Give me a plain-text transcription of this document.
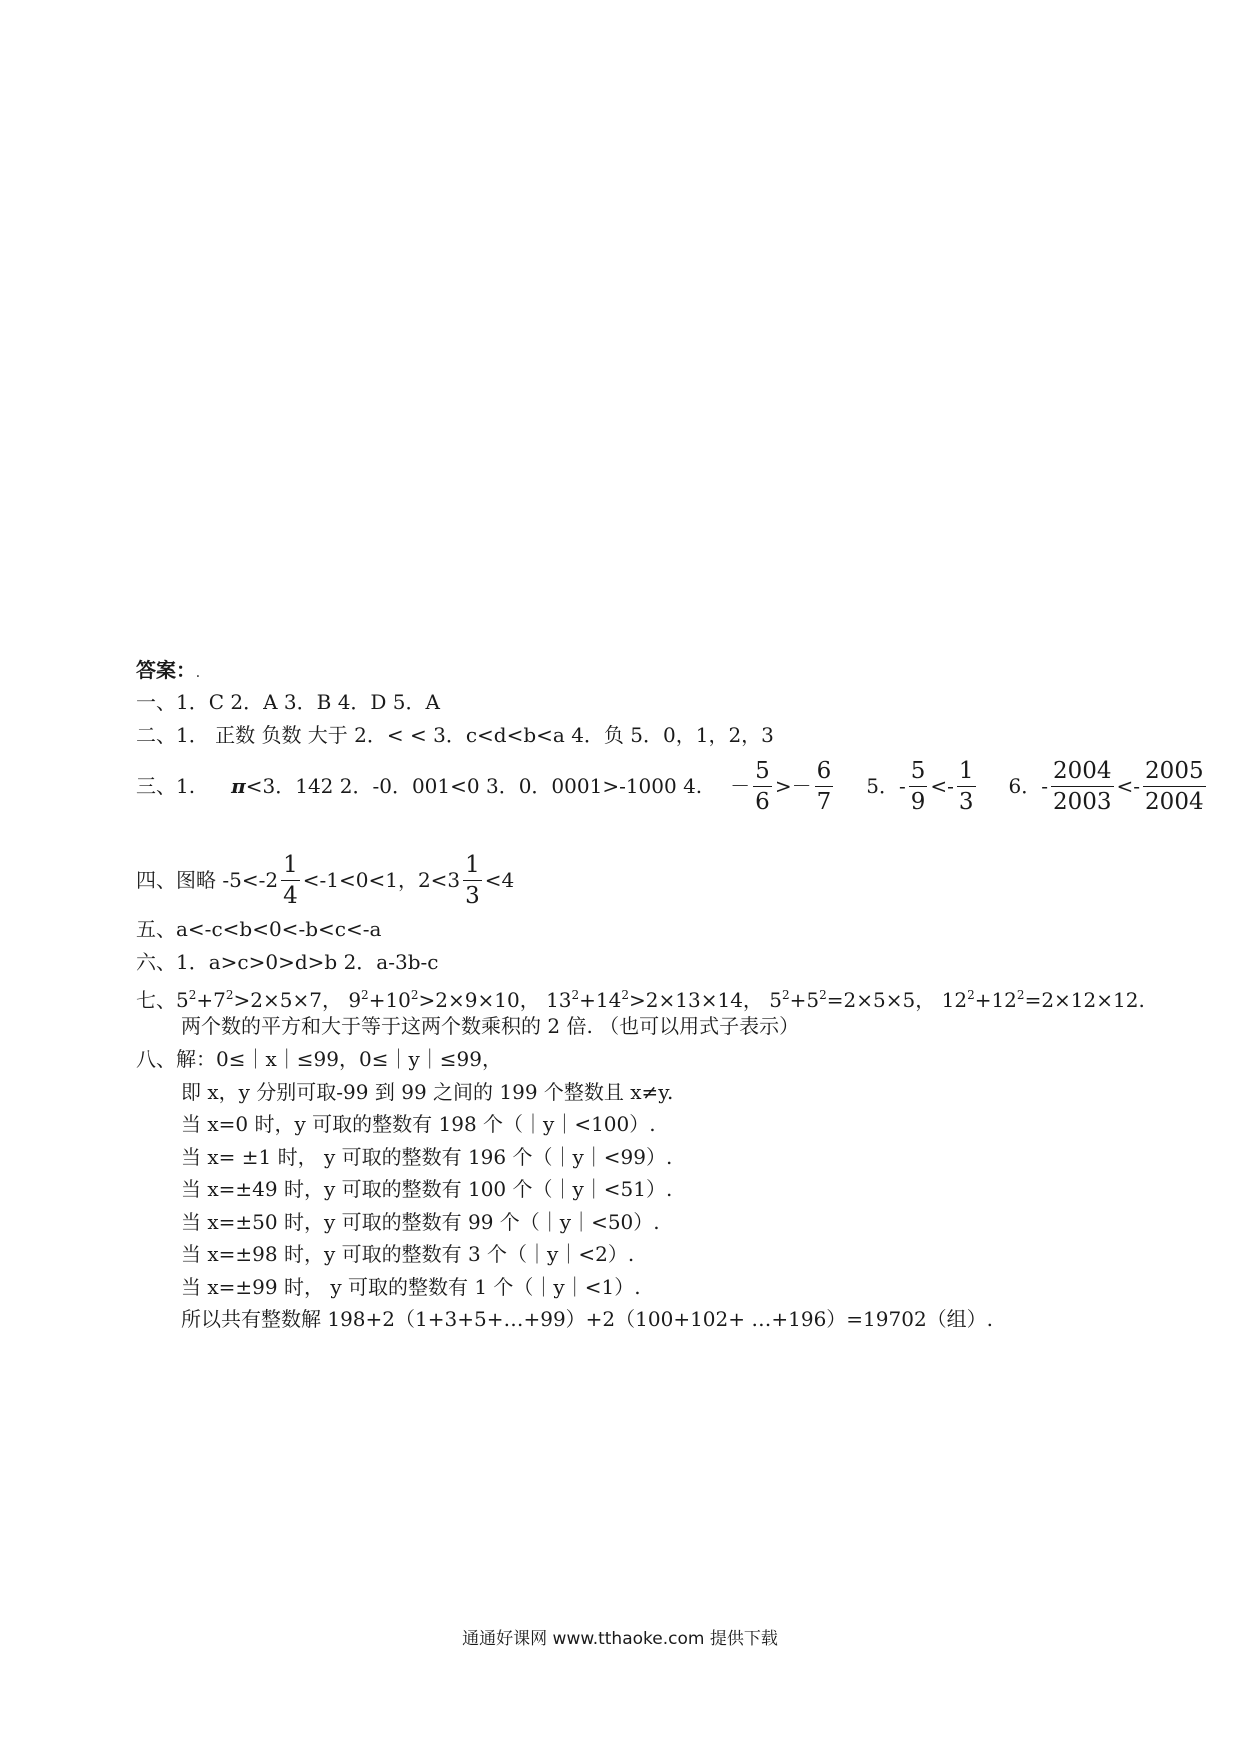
答案：.
一、1．C 2．A 3．B 4．D 5．A
二、1． 正数 负数 大于 2．< < 3．c<d<b<a 4．负 5．0，1，2，3
三、1. π <3．142 2．-0．001<0 3．0．0001>-1000 4. － $\frac{5}{6} >- \frac{6}{7} 5$．- $\frac{5}{9} <- \frac{1}{3} 6$．- $\frac{2004}{2003} <- \frac{2005}{2004}$
四、图略 $-5<-2 \frac{1}{4} <-1<0<1$，$2<3 \frac{1}{3} <4$
五、a<-c<b<0<-b<c<-a
六、1．a>c>0>d>b 2．a-3b-c
七、$5^2+7^2>2\times 5\times 7$， $9^2+10^2>2\times 9\times 10$， $13^2+14^2>2\times 13\times 14$， $5^2+5^2=2\times 5\times 5$， $12^2+12^2=2\times 12\times 12$.
两个数的平方和大于等于这两个数乘积的 2 倍. （也可以用式子表示）
八、解：0≤｜x｜≤99，0≤｜y｜≤99，
即 x，y 分别可取-99 到 99 之间的 199 个整数且 x≠y.
当 x=0 时，y 可取的整数有 198 个（｜y｜<100）.
当 x= ±1 时， y 可取的整数有 196 个（｜y｜<99）.
当 x=±49 时，y 可取的整数有 100 个（｜y｜<51）.
当 x=±50 时，y 可取的整数有 99 个（｜y｜<50）.
当 x=±98 时，y 可取的整数有 3 个（｜y｜<2）.
当 x=±99 时， y 可取的整数有 1 个（｜y｜<1）.
所以共有整数解 198+2（1+3+5+…+99）+2（100+102+ …+196）=19702（组）.
通通好课网 www.tthaoke.com 提供下载
